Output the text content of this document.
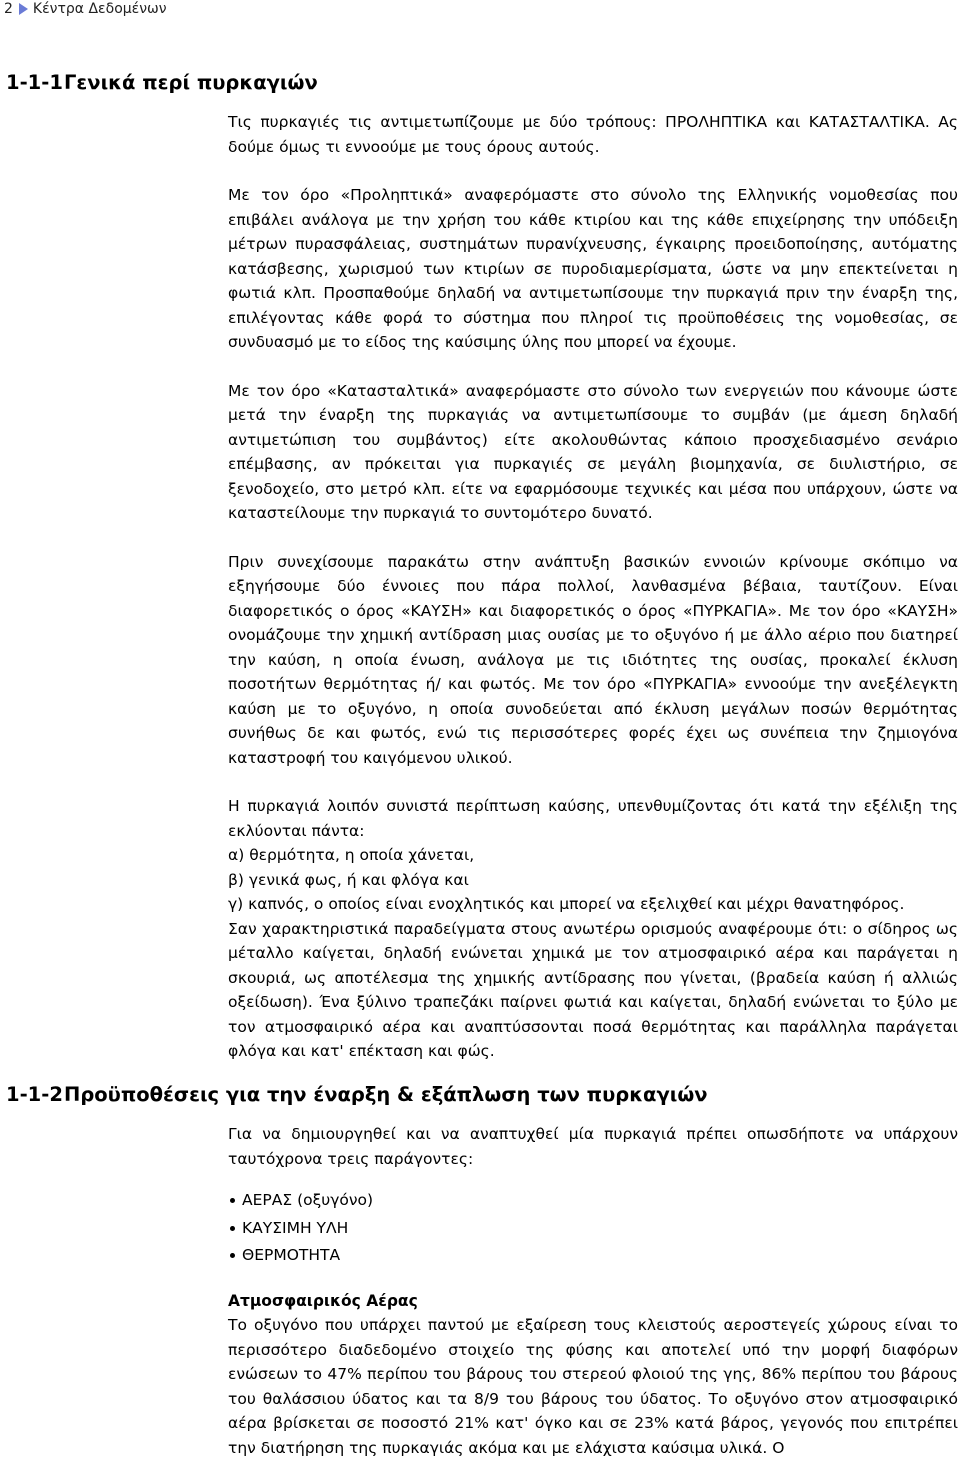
2 Κέντρα Δεδομένων
1-1-1Γενικά περί πυρκαγιών

Τις πυρκαγιές τις αντιμετωπίζουμε με δύο τρόπους: ΠΡΟΛΗΠΤΙΚΑ και ΚΑΤΑΣΤΑΛΤΙΚΑ. Ας δούμε όμως τι εννοούμε με τους όρους αυτούς.

Με τον όρο «Προληπτικά» αναφερόμαστε στο σύνολο της Ελληνικής νομοθεσίας που επιβάλει ανάλογα με την χρήση του κάθε κτιρίου και της κάθε επιχείρησης την υπόδειξη μέτρων πυρασφάλειας, συστημάτων πυρανίχνευσης, έγκαιρης προειδοποίησης, αυτόματης κατάσβεσης, χωρισμού των κτιρίων σε πυροδιαμερίσματα, ώστε να μην επεκτείνεται η φωτιά κλπ. Προσπαθούμε δηλαδή να αντιμετωπίσουμε την πυρκαγιά πριν την έναρξη της, επιλέγοντας κάθε φορά το σύστημα που πληροί τις προϋποθέσεις της νομοθεσίας, σε συνδυασμό με το είδος της καύσιμης ύλης που μπορεί να έχουμε.

Με τον όρο «Κατασταλτικά» αναφερόμαστε στο σύνολο των ενεργειών που κάνουμε ώστε μετά την έναρξη της πυρκαγιάς να αντιμετωπίσουμε το συμβάν (με άμεση δηλαδή αντιμετώπιση του συμβάντος) είτε ακολουθώντας κάποιο προσχεδιασμένο σενάριο επέμβασης, αν πρόκειται για πυρκαγιές σε μεγάλη βιομηχανία, σε διυλιστήριο, σε ξενοδοχείο, στο μετρό κλπ. είτε να εφαρμόσουμε τεχνικές και μέσα που υπάρχουν, ώστε να καταστείλουμε την πυρκαγιά το συντομότερο δυνατό.

Πριν συνεχίσουμε παρακάτω στην ανάπτυξη βασικών εννοιών κρίνουμε σκόπιμο να εξηγήσουμε δύο έννοιες που πάρα πολλοί, λανθασμένα βέβαια, ταυτίζουν. Είναι διαφορετικός ο όρος «ΚΑΥΣΗ» και διαφορετικός ο όρος «ΠΥΡΚΑΓΙΑ». Με τον όρο «ΚΑΥΣΗ» ονομάζουμε την χημική αντίδραση μιας ουσίας με το οξυγόνο ή με άλλο αέριο που διατηρεί την καύση, η οποία ένωση, ανάλογα με τις ιδιότητες της ουσίας, προκαλεί έκλυση ποσοτήτων θερμότητας ή/ και φωτός. Με τον όρο «ΠΥΡΚΑΓΙΑ» εννοούμε την ανεξέλεγκτη καύση με το οξυγόνο, η οποία συνοδεύεται από έκλυση μεγάλων ποσών θερμότητας συνήθως δε και φωτός, ενώ τις περισσότερες φορές έχει ως συνέπεια την ζημιογόνα καταστροφή του καιγόμενου υλικού.

Η πυρκαγιά λοιπόν συνιστά περίπτωση καύσης, υπενθυμίζοντας ότι κατά την εξέλιξη της εκλύονται πάντα:

α) θερμότητα, η οποία χάνεται,

β) γενικά φως, ή και φλόγα και

γ) καπνός, ο οποίος είναι ενοχλητικός και μπορεί να εξελιχθεί και μέχρι θανατηφόρος.

Σαν χαρακτηριστικά παραδείγματα στους ανωτέρω ορισμούς αναφέρουμε ότι: ο σίδηρος ως μέταλλο καίγεται, δηλαδή ενώνεται χημικά με τον ατμοσφαιρικό αέρα και παράγεται η σκουριά, ως αποτέλεσμα της χημικής αντίδρασης που γίνεται, (βραδεία καύση ή αλλιώς οξείδωση). Ένα ξύλινο τραπεζάκι παίρνει φωτιά και καίγεται, δηλαδή ενώνεται το ξύλο με τον ατμοσφαιρικό αέρα και αναπτύσσονται ποσά θερμότητας και παράλληλα παράγεται φλόγα και κατ' επέκταση και φώς.

1-1-2Προϋποθέσεις για την έναρξη & εξάπλωση των πυρκαγιών

Για να δημιουργηθεί και να αναπτυχθεί μία πυρκαγιά πρέπει οπωσδήποτε να υπάρχουν ταυτόχρονα τρεις παράγοντες:

ΑΕΡΑΣ (οξυγόνο)
ΚΑΥΣΙΜΗ ΥΛΗ
ΘΕΡΜΟΤΗΤΑ
Ατμοσφαιρικός Αέρας

Το οξυγόνο που υπάρχει παντού με εξαίρεση τους κλειστούς αεροστεγείς χώρους είναι το περισσότερο διαδεδομένο στοιχείο της φύσης και αποτελεί υπό την μορφή διαφόρων ενώσεων το 47% περίπου του βάρους του στερεού φλοιού της γης, 86% περίπου του βάρους του θαλάσσιου ύδατος και τα 8/9 του βάρους του ύδατος. Το οξυγόνο στον ατμοσφαιρικό αέρα βρίσκεται σε ποσοστό 21% κατ' όγκο και σε 23% κατά βάρος, γεγονός που επιτρέπει την διατήρηση της πυρκαγιάς ακόμα και με ελάχιστα καύσιμα υλικά. Ο
